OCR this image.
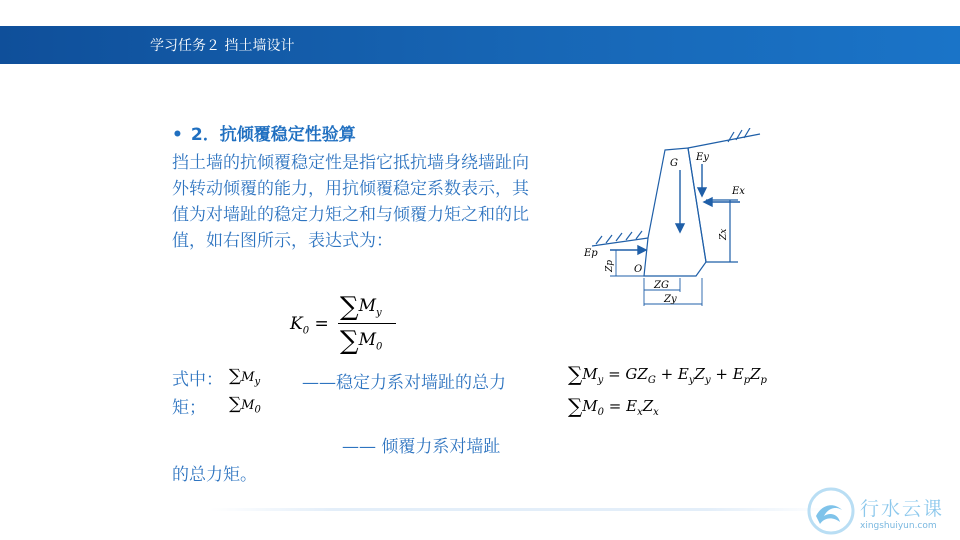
学习任务２ 挡土墙设计
• 2．抗倾覆稳定性验算
挡土墙的抗倾覆稳定性是指它抵抗墙身绕墙趾向外转动倾覆的能力，用抗倾覆稳定系数表示，其值为对墙趾的稳定力矩之和与倾覆力矩之和的比值，如右图所示，表达式为：
$K_0$ =
$\sum M_y$
$\sum M_0$
式中：
矩；
$\sum M_y$
$\sum M_0$
——稳定力系对墙趾的总力
—— 倾覆力系对墙趾
的总力矩。
$\sum M_y = GZ_G + E_yZ_y + E_pZ_p$
$\sum M_0 = E_xZ_x$
G
Ey
Ex
Ep
O
ZG
Zy
Zx
Zp
行水云课
xingshuiyun.com
